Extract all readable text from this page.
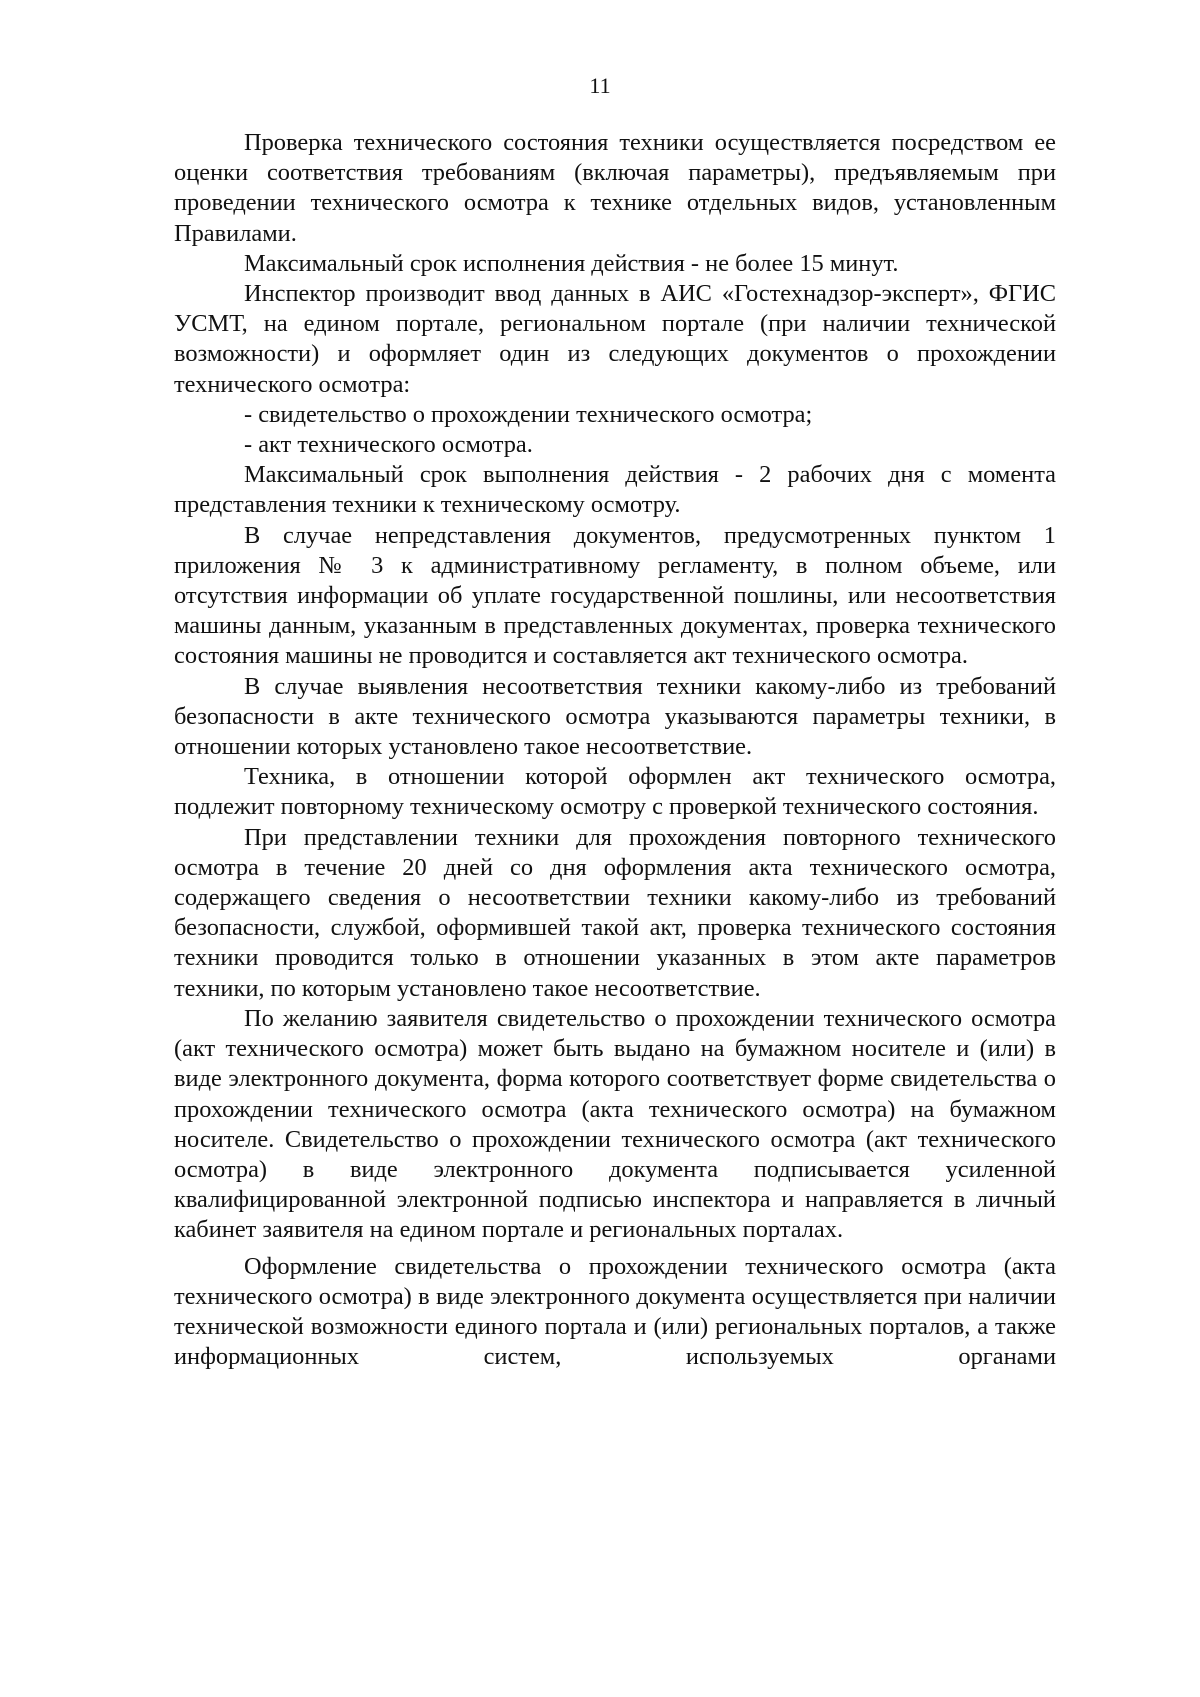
11

Проверка технического состояния техники осуществляется посредством ее оценки соответствия требованиям (включая параметры), предъявляемым при проведении технического осмотра к технике отдельных видов, установленным Правилами.

Максимальный срок исполнения действия - не более 15 минут.

Инспектор производит ввод данных в АИС «Гостехнадзор-эксперт», ФГИС УСМТ, на едином портале, региональном портале (при наличии технической возможности) и оформляет один из следующих документов о прохождении технического осмотра:

- свидетельство о прохождении технического осмотра;

- акт технического осмотра.

Максимальный срок выполнения действия - 2 рабочих дня с момента представления техники к техническому осмотру.

В случае непредставления документов, предусмотренных пунктом 1 приложения № 3 к административному регламенту, в полном объеме, или отсутствия информации об уплате государственной пошлины, или несоответствия машины данным, указанным в представленных документах, проверка технического состояния машины не проводится и составляется акт технического осмотра.

В случае выявления несоответствия техники какому-либо из требований безопасности в акте технического осмотра указываются параметры техники, в отношении которых установлено такое несоответствие.

Техника, в отношении которой оформлен акт технического осмотра, подлежит повторному техническому осмотру с проверкой технического состояния.

При представлении техники для прохождения повторного технического осмотра в течение 20 дней со дня оформления акта технического осмотра, содержащего сведения о несоответствии техники какому-либо из требований безопасности, службой, оформившей такой акт, проверка технического состояния техники проводится только в отношении указанных в этом акте параметров техники, по которым установлено такое несоответствие.

По желанию заявителя свидетельство о прохождении технического осмотра (акт технического осмотра) может быть выдано на бумажном носителе и (или) в виде электронного документа, форма которого соответствует форме свидетельства о прохождении технического осмотра (акта технического осмотра) на бумажном носителе. Свидетельство о прохождении технического осмотра (акт технического осмотра) в виде электронного документа подписывается усиленной квалифицированной электронной подписью инспектора и направляется в личный кабинет заявителя на едином портале и региональных порталах.

Оформление свидетельства о прохождении технического осмотра (акта технического осмотра) в виде электронного документа осуществляется при наличии технической возможности единого портала и (или) региональных порталов, а также информационных систем, используемых органами
